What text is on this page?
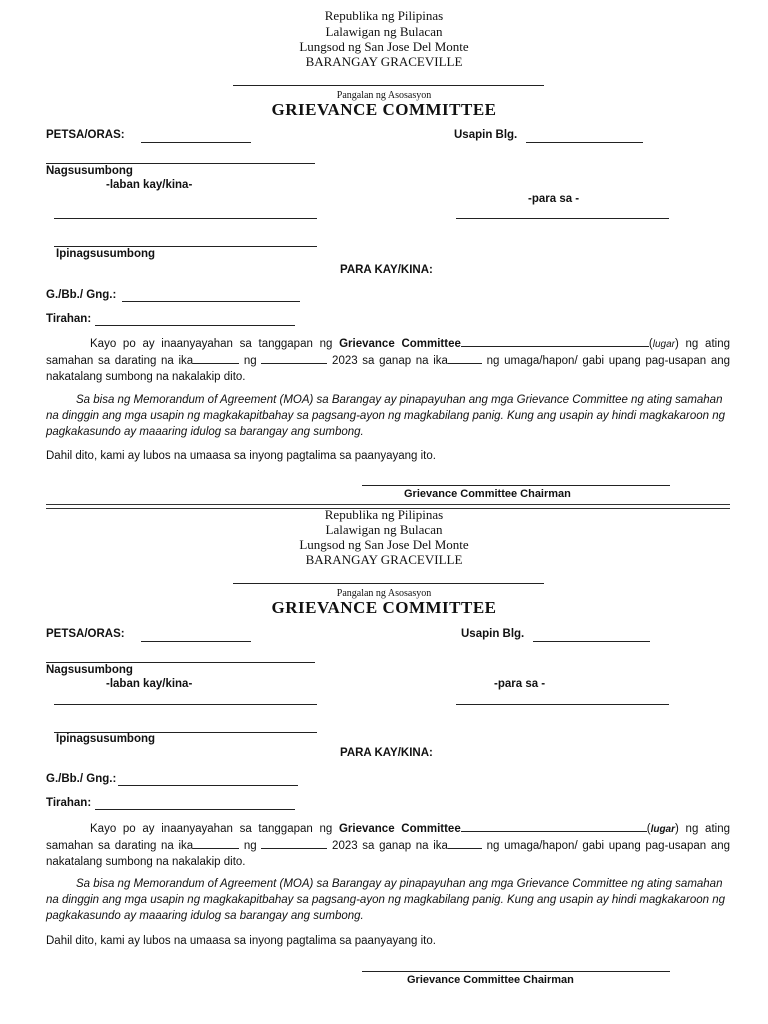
Republika ng Pilipinas
Lalawigan ng Bulacan
Lungsod ng San Jose Del Monte
BARANGAY GRACEVILLE
Pangalan ng Asosasyon
GRIEVANCE COMMITTEE
PETSA/ORAS:	Usapin Blg.
Nagsusumbong
-laban kay/kina-
-para sa -
Ipinagsusumbong
PARA KAY/KINA:
G./Bb./ Gng.:
Tirahan:
Kayo po ay inaanyayahan sa tanggapan ng Grievance Committee	(lugar) ng ating samahan sa darating na ika	ng	2023 sa ganap na ika	ng umaga/hapon/ gabi upang pag-usapan ang nakatalang sumbong na nakalakip dito.
Sa bisa ng Memorandum of Agreement (MOA) sa Barangay ay pinapayuhan ang mga Grievance Committee ng ating samahan na dinggin ang mga usapin ng magkakapitbahay sa pagsang-ayon ng magkabilang panig. Kung ang usapin ay hindi magkakaroon ng pagkakasundo ay maaaring idulog sa barangay ang sumbong.
Dahil dito, kami ay lubos na umaasa sa inyong pagtalima sa paanyayang ito.
Grievance Committee Chairman
Republika ng Pilipinas
Lalawigan ng Bulacan
Lungsod ng San Jose Del Monte
BARANGAY GRACEVILLE
Pangalan ng Asosasyon
GRIEVANCE COMMITTEE
PETSA/ORAS:	Usapin Blg.
Nagsusumbong
-laban kay/kina-	-para sa -
Ipinagsusumbong
PARA KAY/KINA:
G./Bb./ Gng.:
Tirahan:
Kayo po ay inaanyayahan sa tanggapan ng Grievance Committee	(lugar) ng ating samahan sa darating na ika	ng	2023 sa ganap na ika	ng umaga/hapon/ gabi upang pag-usapan ang nakatalang sumbong na nakalakip dito.
Sa bisa ng Memorandum of Agreement (MOA) sa Barangay ay pinapayuhan ang mga Grievance Committee ng ating samahan na dinggin ang mga usapin ng magkakapitbahay sa pagsang-ayon ng magkabilang panig. Kung ang usapin ay hindi magkakaroon ng pagkakasundo ay maaaring idulog sa barangay ang sumbong.
Dahil dito, kami ay lubos na umaasa sa inyong pagtalima sa paanyayang ito.
Grievance Committee Chairman
